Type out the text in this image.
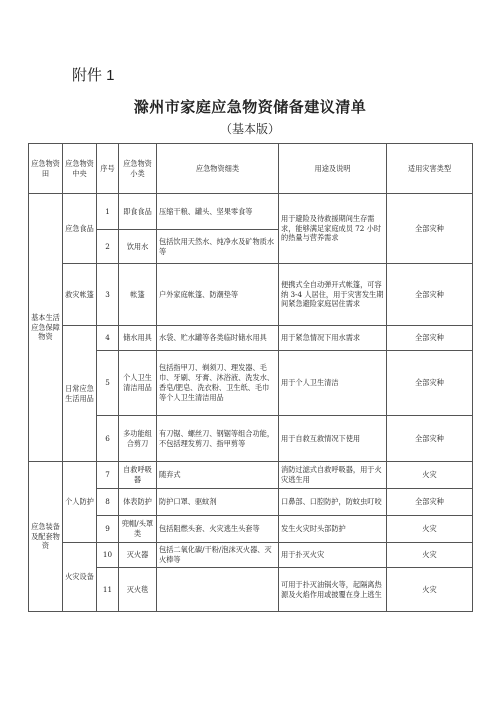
附件 1
滁州市家庭应急物资储备建议清单
（基本版）
应急物资田	应急物资中央	序号	应急物资小类	应急物资细类	用途及说明	适用灾害类型
基本生活应急保障物资	应急食品	1	即食食品	压缩干粮、罐头、坚果零食等	用于避险及待救援期间生存需求，能够满足家庭成员 72 小时的热量与营养需求	全部灾种
		2	饮用水	包括饮用天然水、纯净水及矿物质水等		
	救灾帐篷	3	帐篷	户外家庭帐篷、防潮垫等	便携式全自动弹开式帐篷，可容纳 3-4 人居住，用于灾害发生期间紧急避险家庭居住需求	全部灾种
	日常应急生活用品	4	储水用具	水袋、贮水罐等各类临时储水用具	用于紧急情况下用水需求	全部灾种
		5	个人卫生清洁用品	包括指甲刀、剃须刀、理发器、毛巾、牙刷、牙膏、沐浴液、洗发水、香皂/肥皂、洗衣粉、卫生纸、毛巾等个人卫生清洁用品	用于个人卫生清洁	全部灾种
		6	多功能组合剪刀	有刀锯、螺丝刀、钢锯等组合功能，不包括理发剪刀、指甲剪等	用于自救互救情况下使用	全部灾种
应急装备及配套物资	个人防护	7	自救呼吸器	随弃式	消防过滤式自救呼吸器，用于火灾逃生用	火灾
		8	体表防护	防护口罩、驱蚊剂	口鼻部、口腔防护，防蚊虫叮咬	全部灾种
		9	兜帽/头罩类	包括阻燃头套、火灾逃生头套等	发生火灾时头部防护	火灾
	火灾设备	10	灭火器	包括二氧化碳/干粉/泡沫灭火器、灭火棒等	用于扑灭火灾	火灾
		11	灭火毯		可用于扑灭油锅火等，起隔离热源及火焰作用或披覆在身上逃生	火灾
